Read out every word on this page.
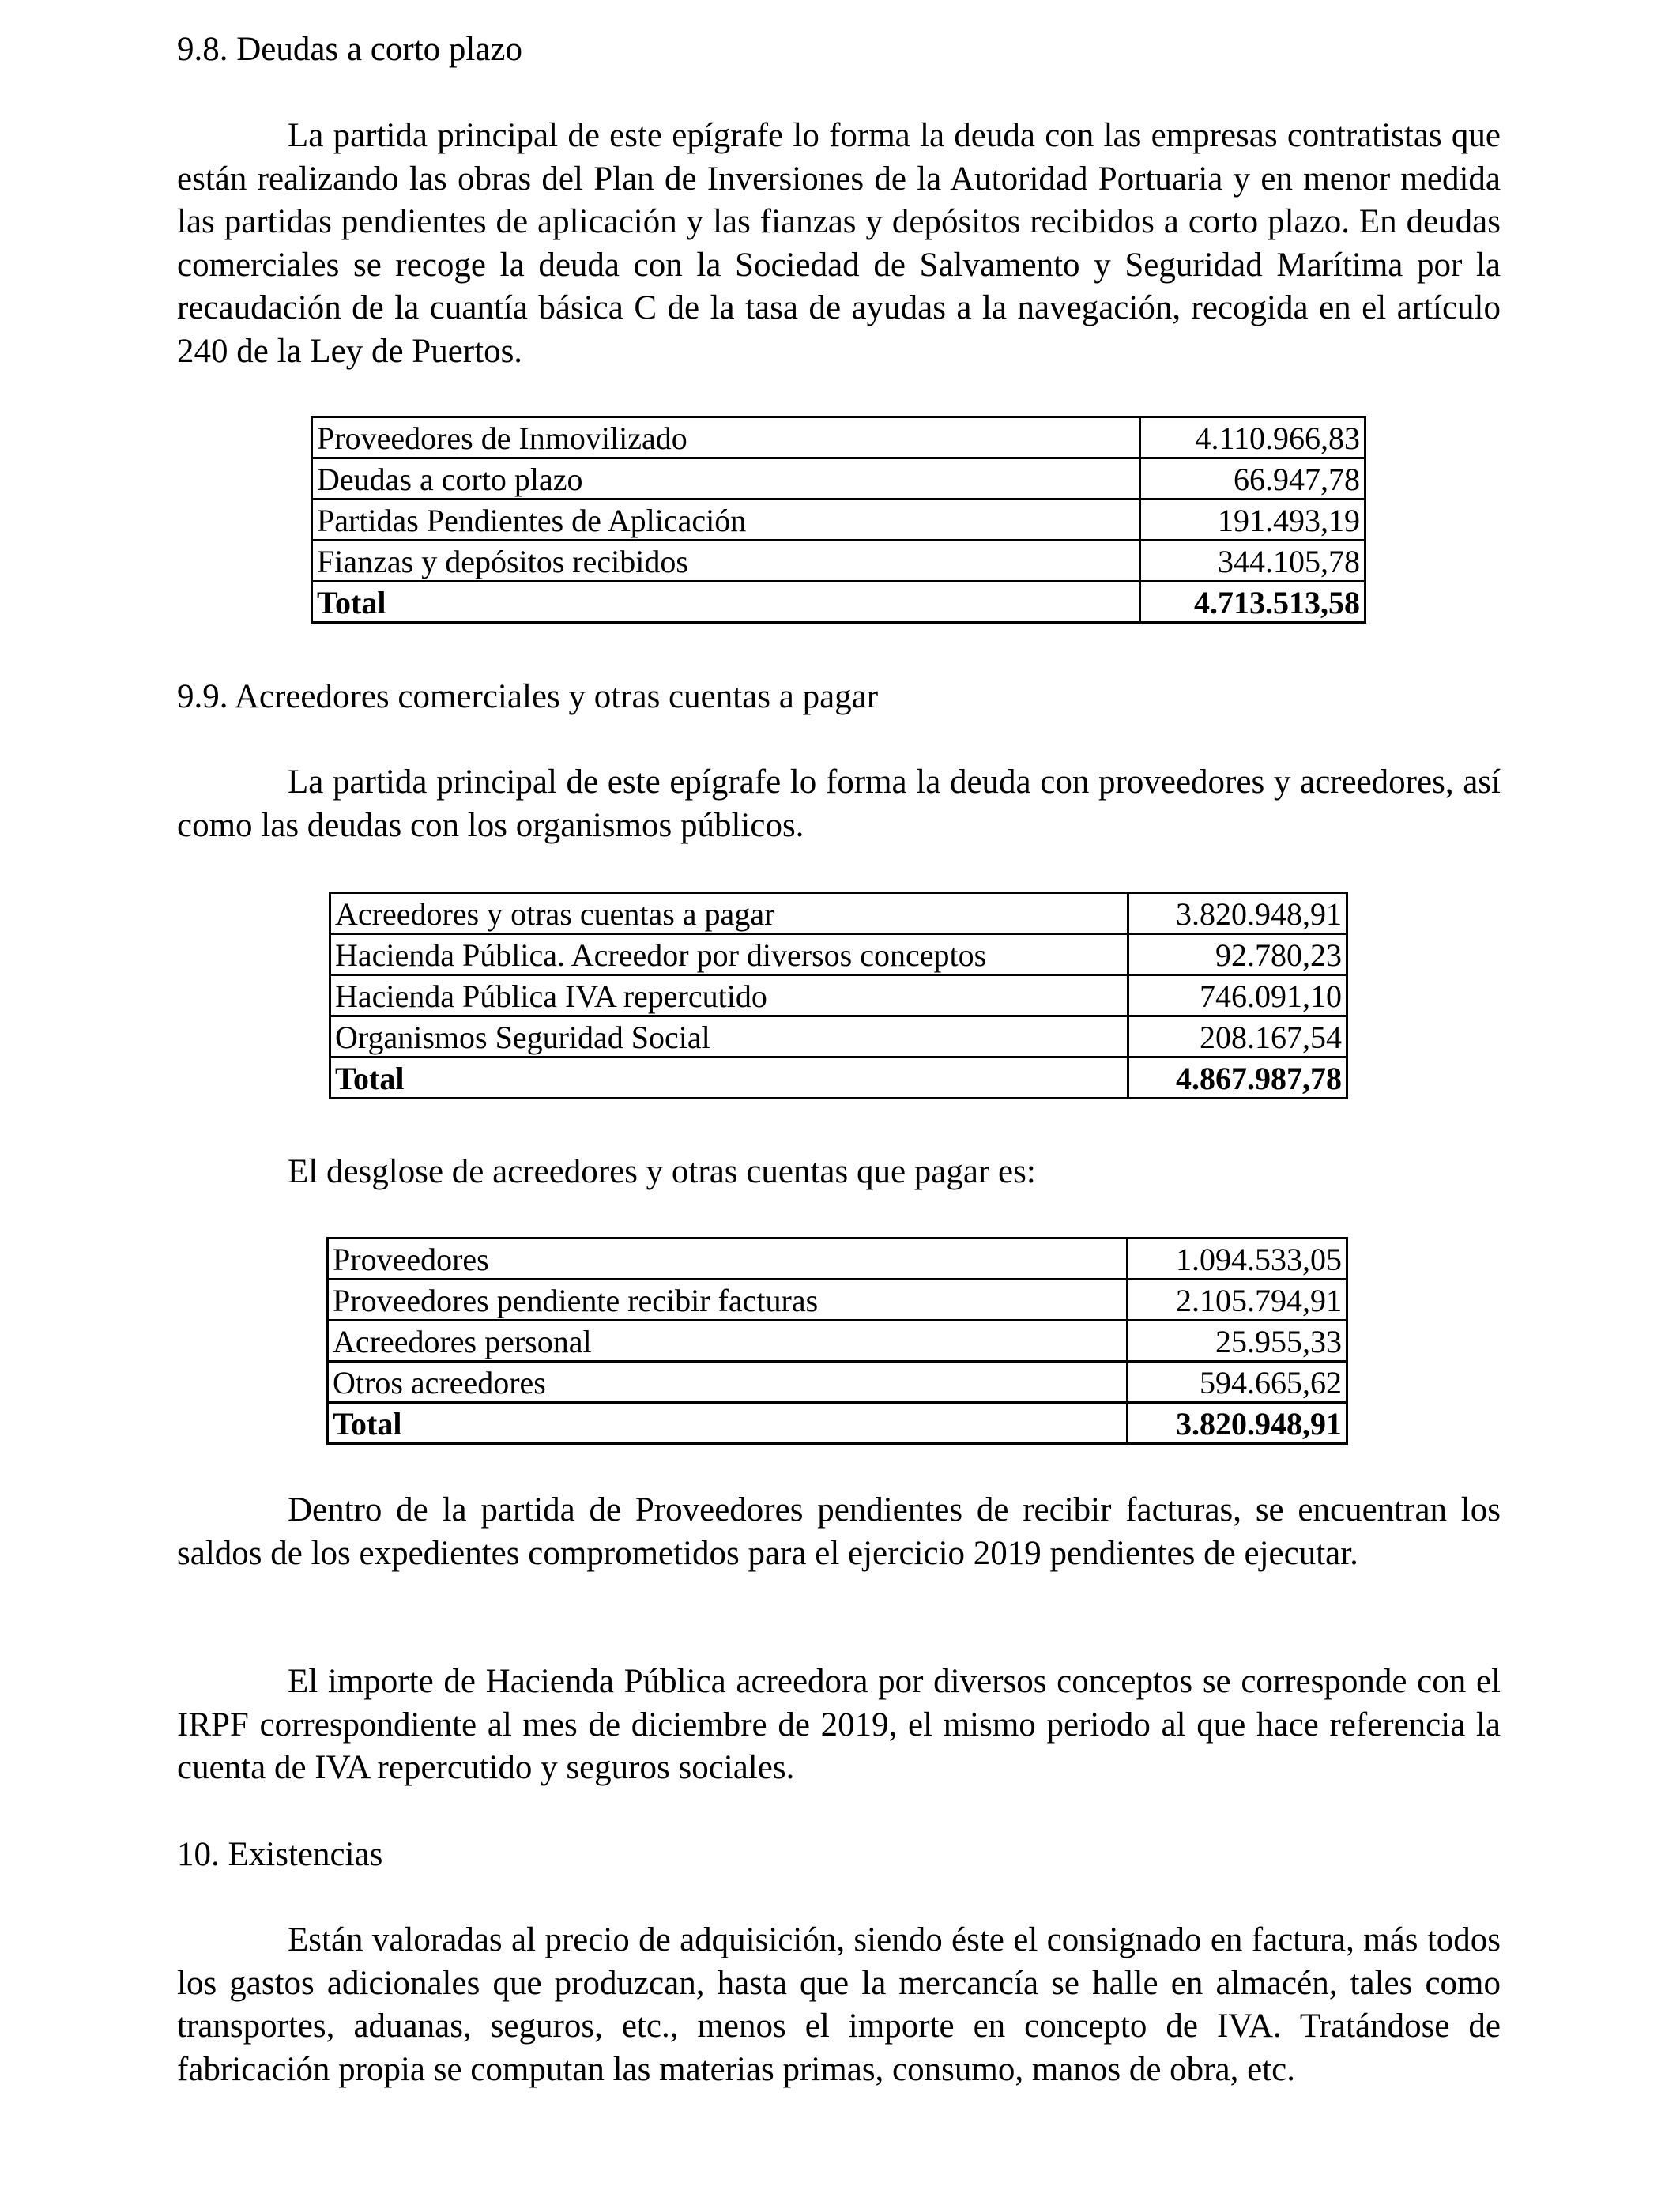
9.8. Deudas a corto plazo

La partida principal de este epígrafe lo forma la deuda con las empresas contratistas que están realizando las obras del Plan de Inversiones de la Autoridad Portuaria y en menor medida las partidas pendientes de aplicación y las fianzas y depósitos recibidos a corto plazo. En deudas comerciales se recoge la deuda con la Sociedad de Salvamento y Seguridad Marítima por la recaudación de la cuantía básica C de la tasa de ayudas a la navegación, recogida en el artículo 240 de la Ley de Puertos.

Proveedores de Inmovilizado	4.110.966,83
Deudas a corto plazo	66.947,78
Partidas Pendientes de Aplicación	191.493,19
Fianzas y depósitos recibidos	344.105,78
Total	4.713.513,58
9.9. Acreedores comerciales y otras cuentas a pagar

La partida principal de este epígrafe lo forma la deuda con proveedores y acreedores, así como las deudas con los organismos públicos.

Acreedores y otras cuentas a pagar	3.820.948,91
Hacienda Pública. Acreedor por diversos conceptos	92.780,23
Hacienda Pública IVA repercutido	746.091,10
Organismos Seguridad Social	208.167,54
Total	4.867.987,78

El desglose de acreedores y otras cuentas que pagar es:

Proveedores	1.094.533,05
Proveedores pendiente recibir facturas	2.105.794,91
Acreedores personal	25.955,33
Otros acreedores	594.665,62
Total	3.820.948,91

Dentro de la partida de Proveedores pendientes de recibir facturas, se encuentran los saldos de los expedientes comprometidos para el ejercicio 2019 pendientes de ejecutar.

El importe de Hacienda Pública acreedora por diversos conceptos se corresponde con el IRPF correspondiente al mes de diciembre de 2019, el mismo periodo al que hace referencia la cuenta de IVA repercutido y seguros sociales.

10. Existencias

Están valoradas al precio de adquisición, siendo éste el consignado en factura, más todos los gastos adicionales que produzcan, hasta que la mercancía se halle en almacén, tales como transportes, aduanas, seguros, etc., menos el importe en concepto de IVA. Tratándose de fabricación propia se computan las materias primas, consumo, manos de obra, etc.
